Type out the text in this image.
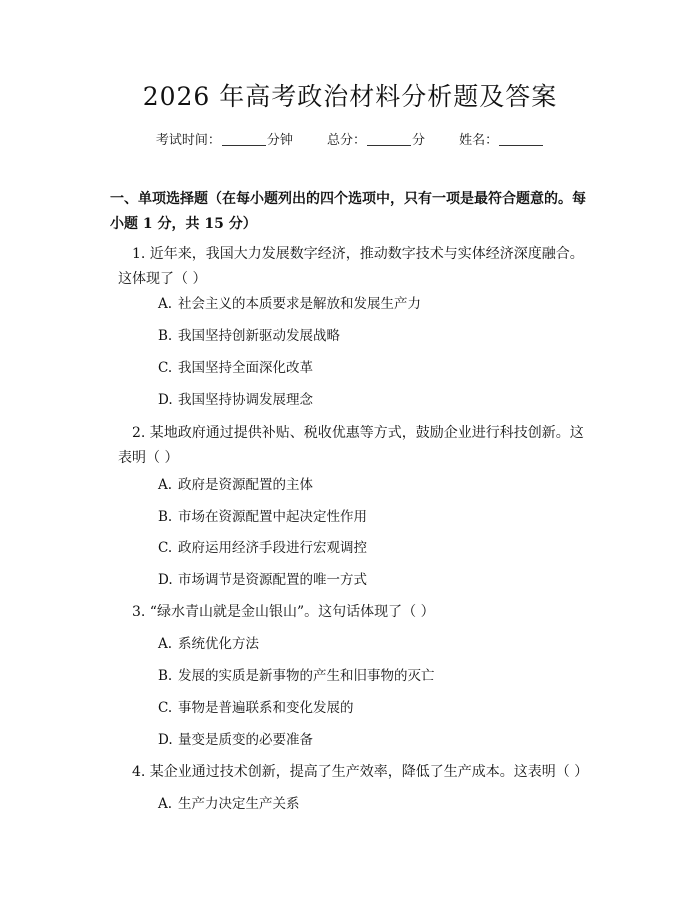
2026 年高考政治材料分析题及答案
考试时间：	分钟	总分：	分	姓名：
一、单项选择题（在每小题列出的四个选项中，只有一项是最符合题意的。每小题 1 分，共 15 分）
1. 近年来，我国大力发展数字经济，推动数字技术与实体经济深度融合。这体现了（ ）
A. 社会主义的本质要求是解放和发展生产力
B. 我国坚持创新驱动发展战略
C. 我国坚持全面深化改革
D. 我国坚持协调发展理念
2. 某地政府通过提供补贴、税收优惠等方式，鼓励企业进行科技创新。这表明（ ）
A. 政府是资源配置的主体
B. 市场在资源配置中起决定性作用
C. 政府运用经济手段进行宏观调控
D. 市场调节是资源配置的唯一方式
3. “绿水青山就是金山银山”。这句话体现了（ ）
A. 系统优化方法
B. 发展的实质是新事物的产生和旧事物的灭亡
C. 事物是普遍联系和变化发展的
D. 量变是质变的必要准备
4. 某企业通过技术创新，提高了生产效率，降低了生产成本。这表明（ ）
A. 生产力决定生产关系
